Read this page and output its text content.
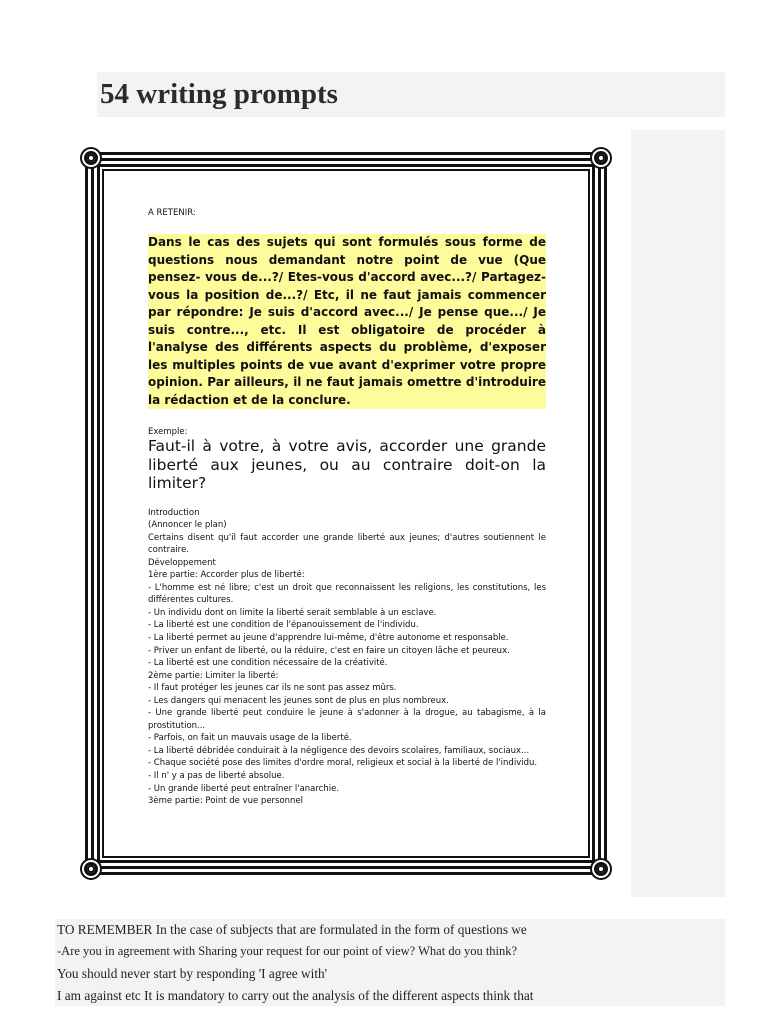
54 writing prompts

A RETENIR:

Dans le cas des sujets qui sont formulés sous forme de questions nous demandant notre point de vue (Que pensez- vous de...?/ Etes-vous d'accord avec...?/ Partagez-vous la position de...?/ Etc, il ne faut jamais commencer par répondre: Je suis d'accord avec.../ Je pense que.../ Je suis contre..., etc. Il est obligatoire de procéder à l'analyse des différents aspects du problème, d'exposer les multiples points de vue avant d'exprimer votre propre opinion. Par ailleurs, il ne faut jamais omettre d'introduire la rédaction et de la conclure.

Exemple:

Faut-il à votre, à votre avis, accorder une grande liberté aux jeunes, ou au contraire doit-on la limiter?

Introduction
(Annoncer le plan)
Certains disent qu'il faut accorder une grande liberté aux jeunes; d'autres soutiennent le contraire.
Développement
1ère partie: Accorder plus de liberté:
- L'homme est né libre; c'est un droit que reconnaissent les religions, les constitutions, les différentes cultures.
- Un individu dont on limite la liberté serait semblable à un esclave.
- La liberté est une condition de l'épanouissement de l'individu.
- La liberté permet au jeune d'apprendre lui-même, d'être autonome et responsable.
- Priver un enfant de liberté, ou la réduire, c'est en faire un citoyen lâche et peureux.
- La liberté est une condition nécessaire de la créativité.
2ème partie: Limiter la liberté:
- Il faut protéger les jeunes car ils ne sont pas assez mûrs.
- Les dangers qui menacent les jeunes sont de plus en plus nombreux.
- Une grande liberté peut conduire le jeune à s'adonner à la drogue, au tabagisme, à la prostitution...
- Parfois, on fait un mauvais usage de la liberté.
- La liberté débridée conduirait à la négligence des devoirs scolaires, familiaux, sociaux...
- Chaque société pose des limites d'ordre moral, religieux et social à la liberté de l'individu.
- Il n' y a pas de liberté absolue.
- Un grande liberté peut entraîner l'anarchie.
3ème partie: Point de vue personnel
TO REMEMBER In the case of subjects that are formulated in the form of questions we
-Are you in agreement with Sharing your request for our point of view? What do you think?
You should never start by responding 'I agree with'
I am against etc It is mandatory to carry out the analysis of the different aspects think that
